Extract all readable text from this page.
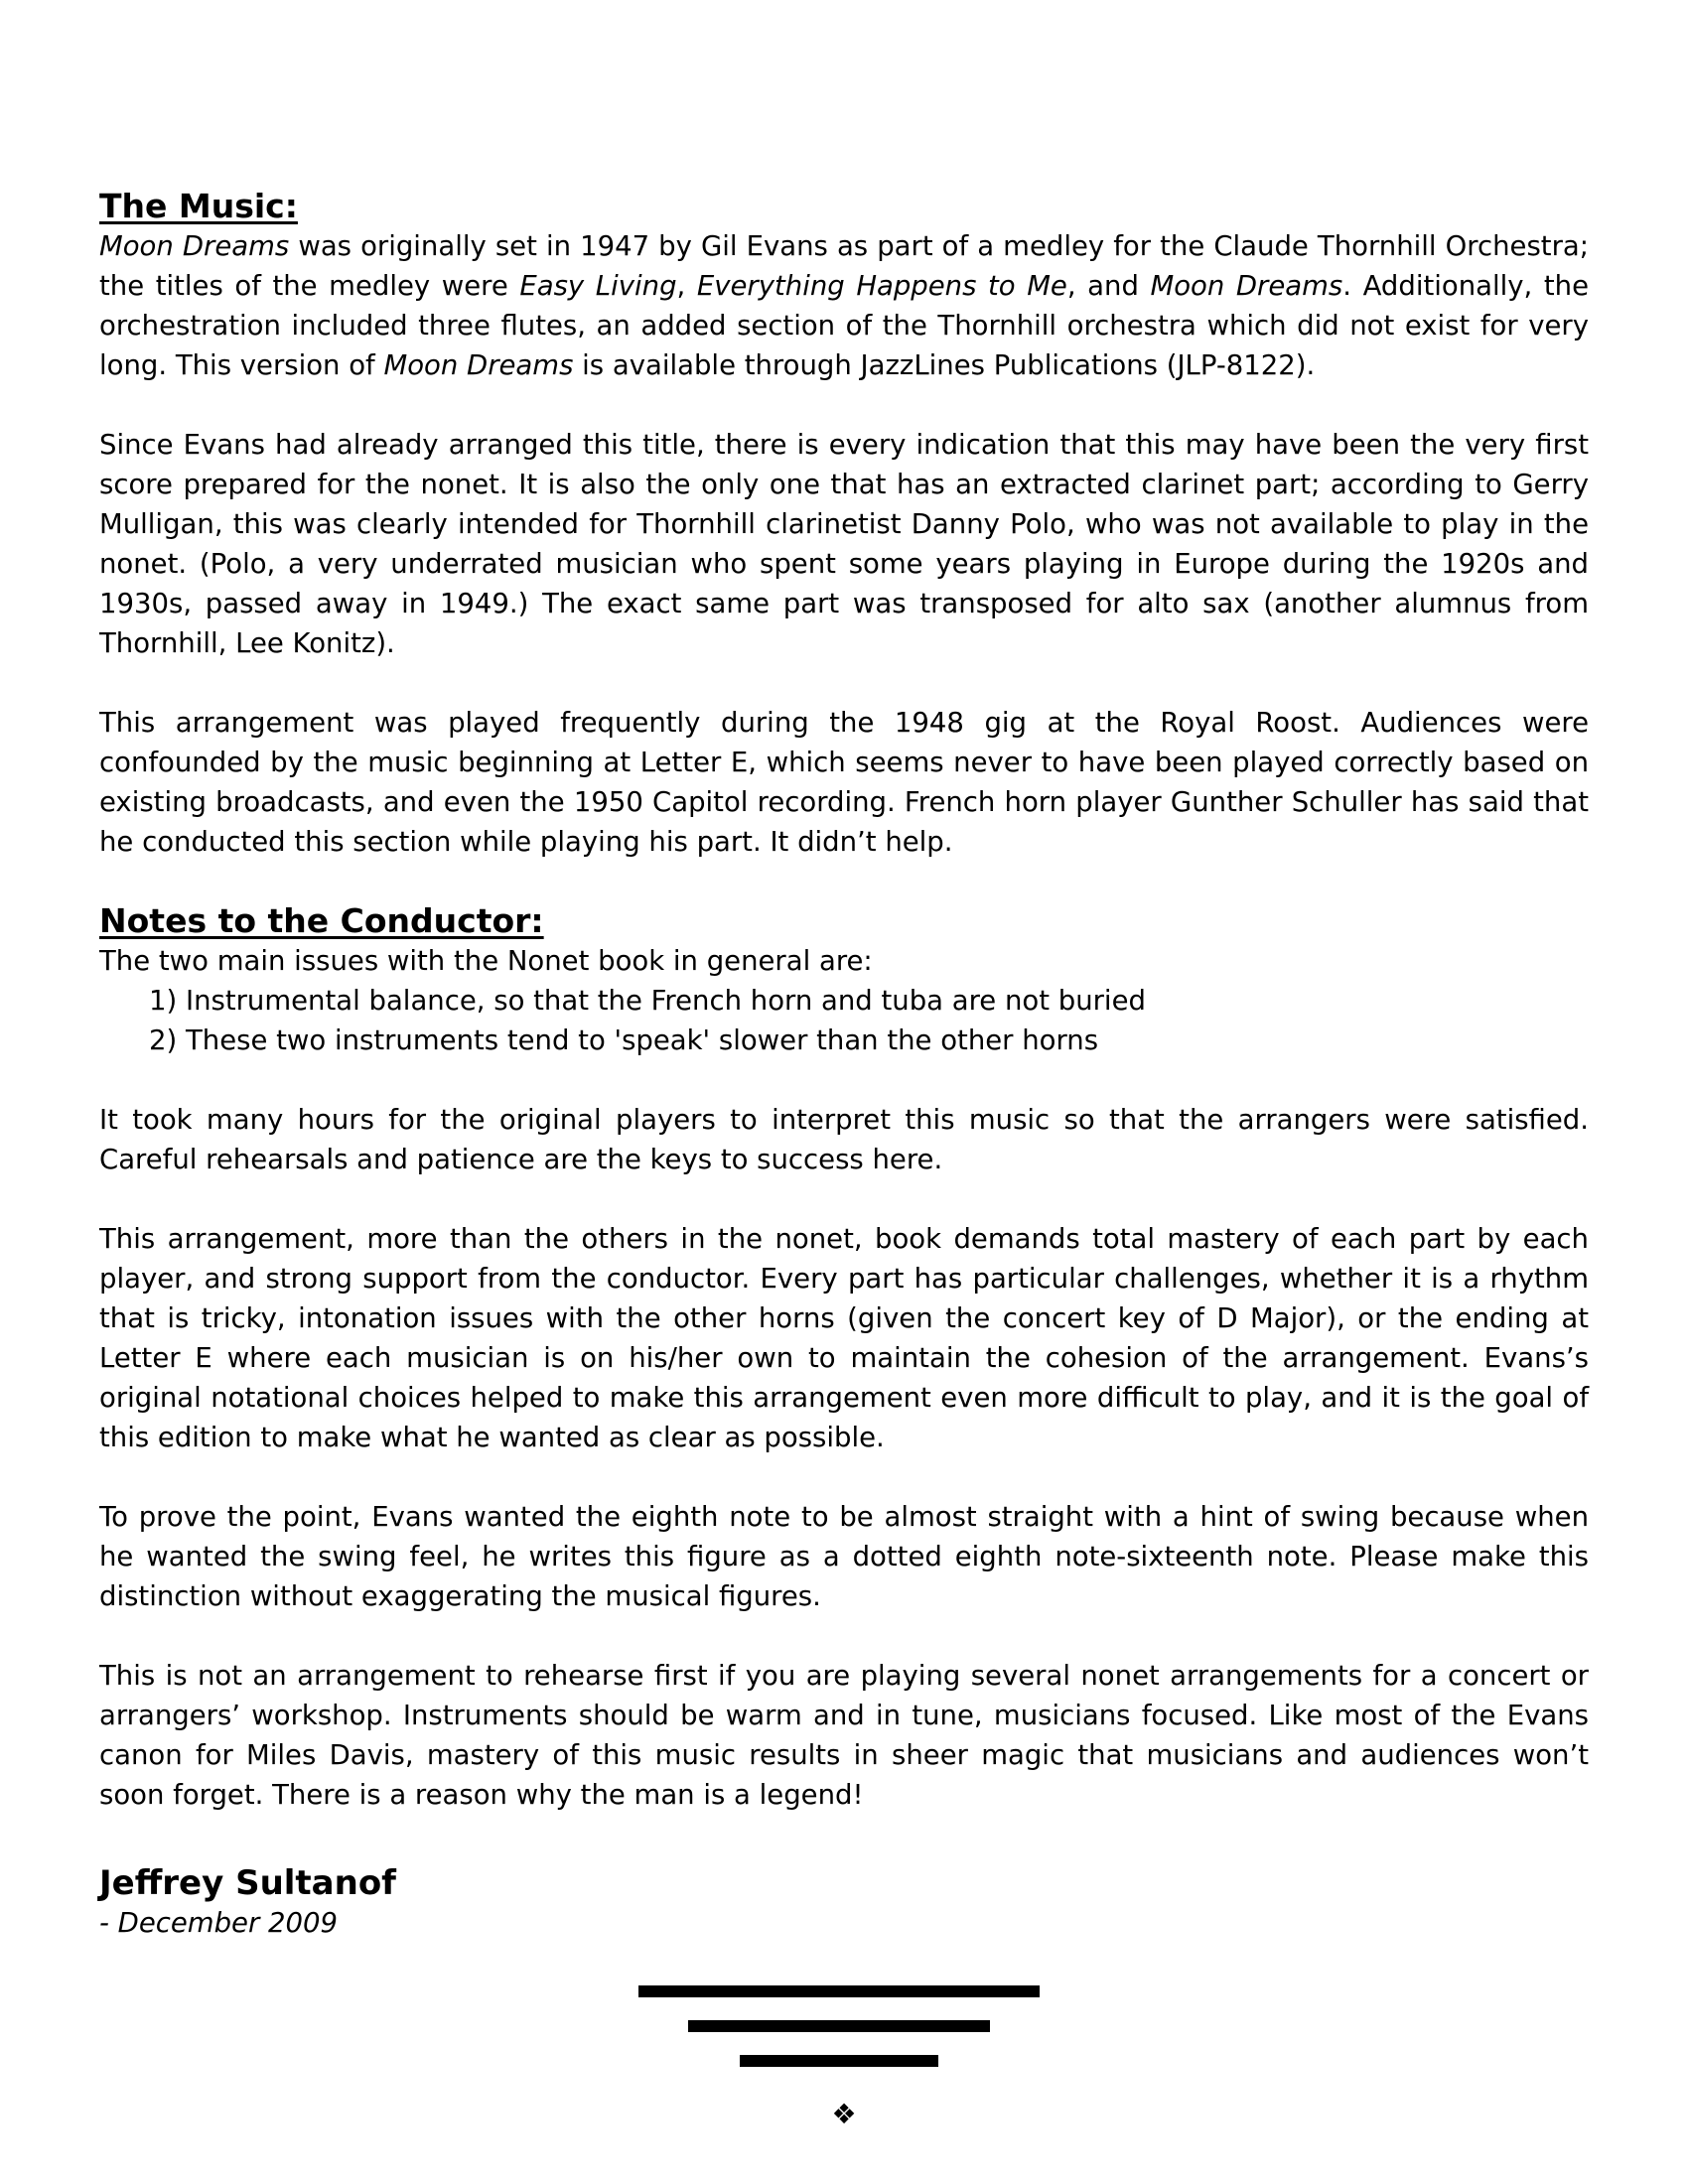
The Music:

Moon Dreams was originally set in 1947 by Gil Evans as part of a medley for the Claude Thornhill Orchestra; the titles of the medley were Easy Living, Everything Happens to Me, and Moon Dreams. Additionally, the orchestration included three flutes, an added section of the Thornhill orchestra which did not exist for very long. This version of Moon Dreams is available through JazzLines Publications (JLP-8122).

Since Evans had already arranged this title, there is every indication that this may have been the very first score prepared for the nonet. It is also the only one that has an extracted clarinet part; according to Gerry Mulligan, this was clearly intended for Thornhill clarinetist Danny Polo, who was not available to play in the nonet. (Polo, a very underrated musician who spent some years playing in Europe during the 1920s and 1930s, passed away in 1949.) The exact same part was transposed for alto sax (another alumnus from Thornhill, Lee Konitz).

This arrangement was played frequently during the 1948 gig at the Royal Roost. Audiences were confounded by the music beginning at Letter E, which seems never to have been played correctly based on existing broadcasts, and even the 1950 Capitol recording. French horn player Gunther Schuller has said that he conducted this section while playing his part. It didn’t help.

Notes to the Conductor:

The two main issues with the Nonet book in general are:

1) Instrumental balance, so that the French horn and tuba are not buried
2) These two instruments tend to 'speak' slower than the other horns

It took many hours for the original players to interpret this music so that the arrangers were satisfied. Careful rehearsals and patience are the keys to success here.

This arrangement, more than the others in the nonet, book demands total mastery of each part by each player, and strong support from the conductor. Every part has particular challenges, whether it is a rhythm that is tricky, intonation issues with the other horns (given the concert key of D Major), or the ending at Letter E where each musician is on his/her own to maintain the cohesion of the arrangement. Evans’s original notational choices helped to make this arrangement even more difficult to play, and it is the goal of this edition to make what he wanted as clear as possible.

To prove the point, Evans wanted the eighth note to be almost straight with a hint of swing because when he wanted the swing feel, he writes this figure as a dotted eighth note-sixteenth note. Please make this distinction without exaggerating the musical figures.

This is not an arrangement to rehearse first if you are playing several nonet arrangements for a concert or arrangers’ workshop. Instruments should be warm and in tune, musicians focused. Like most of the Evans canon for Miles Davis, mastery of this music results in sheer magic that musicians and audiences won’t soon forget. There is a reason why the man is a legend!

Jeffrey Sultanof
- December 2009
❖
